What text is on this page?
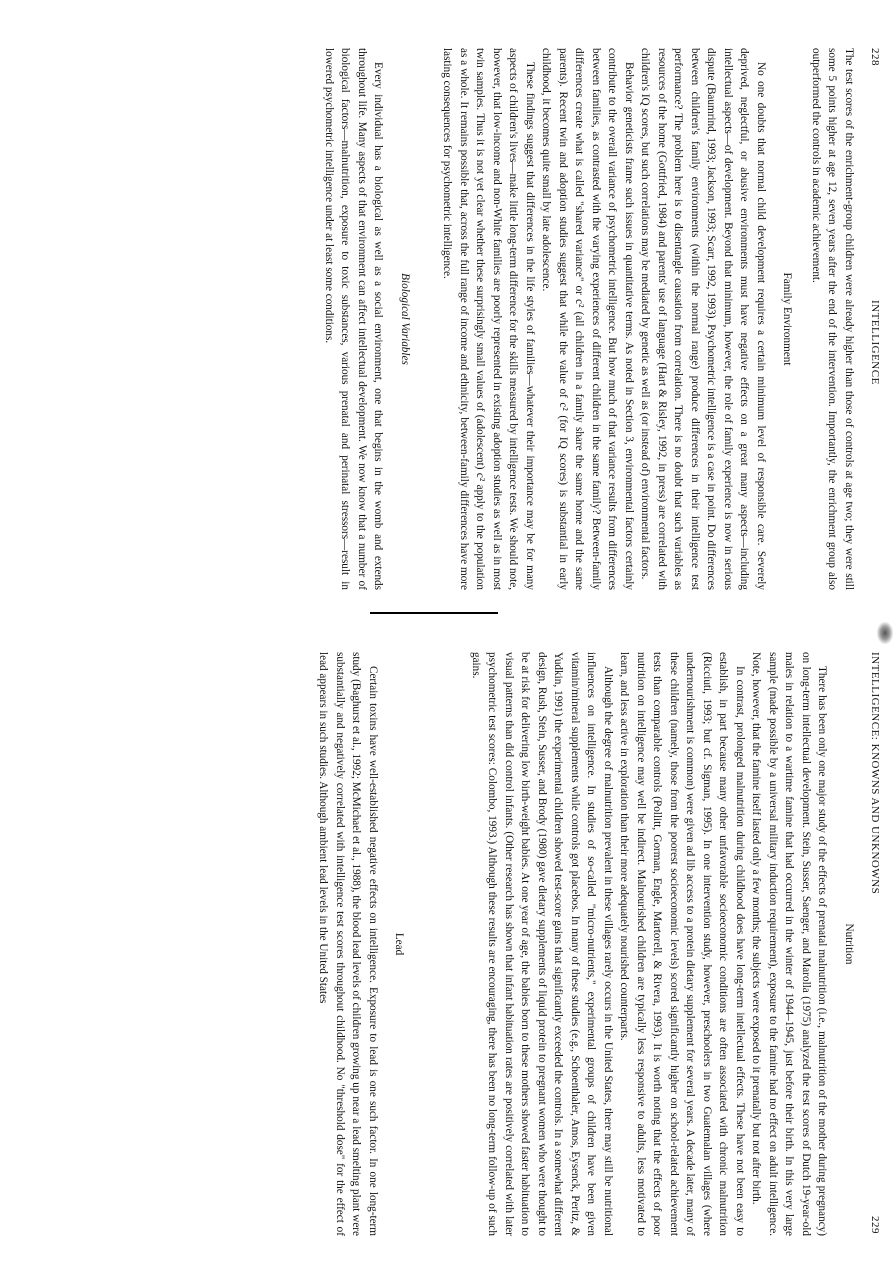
228
INTELLIGENCE

The test scores of the enrichment-group children were already higher than those of controls at age two; they were still some 5 points higher at age 12, seven years after the end of the intervention. Importantly, the enrichment group also outperformed the controls in academic achievement.

Family Environment

No one doubts that normal child development requires a certain minimum level of responsible care. Severely deprived, neglectful, or abusive environments must have negative effects on a great many aspects—including intellectual aspects—of development. Beyond that minimum, however, the role of family experience is now in serious dispute (Baumrind, 1993; Jackson, 1993; Scarr, 1992, 1993). Psychometric intelligence is a case in point. Do differences between children's family environments (within the normal range) produce differences in their intelligence test performance? The problem here is to disentangle causation from correlation. There is no doubt that such variables as resources of the home (Gottfried, 1984) and parents' use of language (Hart & Risley, 1992, in press) are correlated with children's IQ scores, but such correlations may be mediated by genetic as well as (or instead of) environmental factors.

Behavior geneticists frame such issues in quantitative terms. As noted in Section 3, environmental factors certainly contribute to the overall variance of psychometric intelligence. But how much of that variance results from differences between families, as contrasted with the varying experiences of different children in the same family? Between-family differences create what is called "shared variance" or c² (all children in a family share the same home and the same parents). Recent twin and adoption studies suggest that while the value of c² (for IQ scores) is substantial in early childhood, it becomes quite small by late adolescence.

These findings suggest that differences in the life styles of families—whatever their importance may be for many aspects of children's lives—make little long-term difference for the skills measured by intelligence tests. We should note, however, that low-income and non-White families are poorly represented in existing adoption studies as well as in most twin samples. Thus it is not yet clear whether these surprisingly small values of (adolescent) c² apply to the population as a whole. It remains possible that, across the full range of income and ethnicity, between-family differences have more lasting consequences for psychometric intelligence.

Biological Variables

Every individual has a biological as well as a social environment, one that begins in the womb and extends throughout life. Many aspects of that environment can affect intellectual development. We now know that a number of biological factors—malnutrition, exposure to toxic substances, various prenatal and perinatal stressors—result in lowered psychometric intelligence under at least some conditions.

INTELLIGENCE: KNOWNS AND UNKNOWNS
229
Nutrition

There has been only one major study of the effects of prenatal malnutrition (i.e., malnutrition of the mother during pregnancy) on long-term intellectual development. Stein, Susser, Saenger, and Marolla (1975) analyzed the test scores of Dutch 19-year-old males in relation to a wartime famine that had occurred in the winter of 1944–1945, just before their birth. In this very large sample (made possible by a universal military induction requirement), exposure to the famine had no effect on adult intelligence. Note, however, that the famine itself lasted only a few months; the subjects were exposed to it prenatally but not after birth.

In contrast, prolonged malnutrition during childhood does have long-term intellectual effects. These have not been easy to establish, in part because many other unfavorable socioeconomic conditions are often associated with chronic malnutrition (Ricciuti, 1993; but cf. Sigman, 1995). In one intervention study, however, preschoolers in two Guatemalan villages (where undernourishment is common) were given ad lib access to a protein dietary supplement for several years. A decade later, many of these children (namely, those from the poorest socioeconomic levels) scored significantly higher on school-related achievement tests than comparable controls (Pollitt, Gorman, Engle, Martorell, & Rivera, 1993). It is worth noting that the effects of poor nutrition on intelligence may well be indirect. Malnourished children are typically less responsive to adults, less motivated to learn, and less active in exploration than their more adequately nourished counterparts.

Although the degree of malnutrition prevalent in these villages rarely occurs in the United States, there may still be nutritional influences on intelligence. In studies of so-called "micro-nutrients," experimental groups of children have been given vitamin/mineral supplements while controls got placebos. In many of these studies (e.g., Schoenthaler, Amos, Eysenck, Peritz, & Yudkin, 1991) the experimental children showed test-score gains that significantly exceeded the controls. In a somewhat different design, Rush, Stein, Susser, and Brody (1980) gave dietary supplements of liquid protein to pregnant women who were thought to be at risk for delivering low birth-weight babies. At one year of age, the babies born to these mothers showed faster habituation to visual patterns than did control infants. (Other research has shown that infant habituation rates are positively correlated with later psychometric test scores: Colombo, 1993.) Although these results are encouraging, there has been no long-term follow-up of such gains.

Lead

Certain toxins have well-established negative effects on intelligence. Exposure to lead is one such factor. In one long-term study (Baghurst et al., 1992; McMichael et al., 1988), the blood lead levels of children growing up near a lead smelting plant were substantially and negatively correlated with intelligence test scores throughout childhood. No "threshold dose" for the effect of lead appears in such studies. Although ambient lead levels in the United States
